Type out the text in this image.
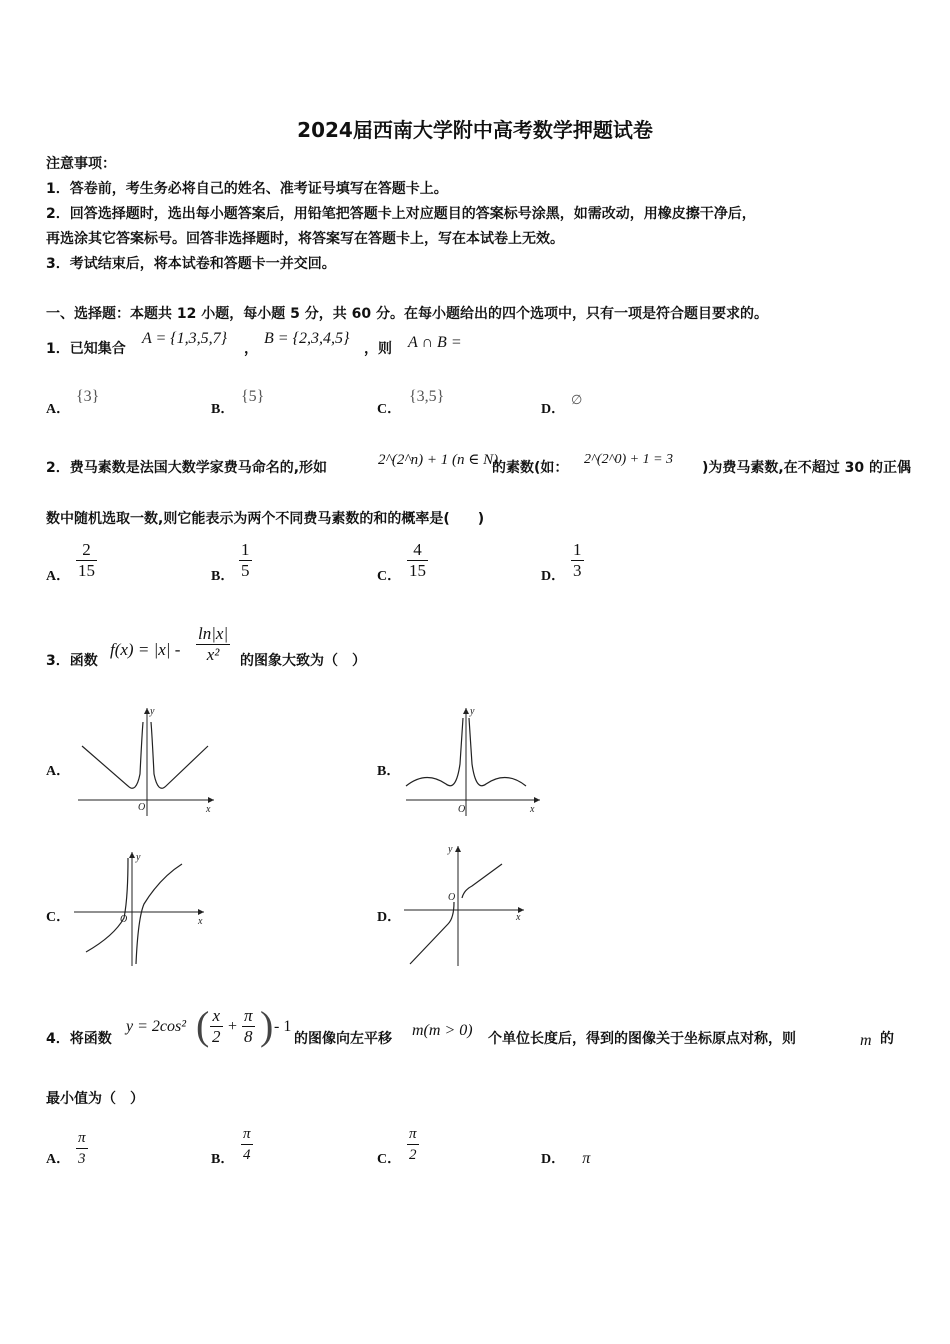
2024届西南大学附中高考数学押题试卷
注意事项：
1．答卷前，考生务必将自己的姓名、准考证号填写在答题卡上。
2．回答选择题时，选出每小题答案后，用铅笔把答题卡上对应题目的答案标号涂黑，如需改动，用橡皮擦干净后，
再选涂其它答案标号。回答非选择题时，将答案写在答题卡上，写在本试卷上无效。
3．考试结束后，将本试卷和答题卡一并交回。
一、选择题：本题共 12 小题，每小题 5 分，共 60 分。在每小题给出的四个选项中，只有一项是符合题目要求的。
1．已知集合
A = {1,3,5,7}
，
B = {2,3,4,5}
，则 A ∩ B =
A．
{3}
B．
{5}
C．
{3,5}
D．
∅
2．费马素数是法国大数学家费马命名的,形如	2^(2^n) + 1 (n ∈ N)
的素数(如：
2^(2^0) + 1 = 3
)为费马素数,在不超过 30 的正偶
数中随机选取一数,则它能表示为两个不同费马素数的和的概率是(　　)
A．
2
15	B．
1
5	C．
4
15	D．
1
3
3．函数
f(x) = |x| -
ln|x|
x² 的图象大致为（　）
A．
y
x
O
B．
y
x
O
C．
y
x
O	D．
y
x
O
4．将函数
y = 2cos² ( x
2
+
π
8 ) - 1
的图像向左平移 m(m > 0) 个单位长度后，得到的图像关于坐标原点对称，则	m 的
最小值为（　）
A．
π
3	B．
π
4	C．
π
2	D． π
